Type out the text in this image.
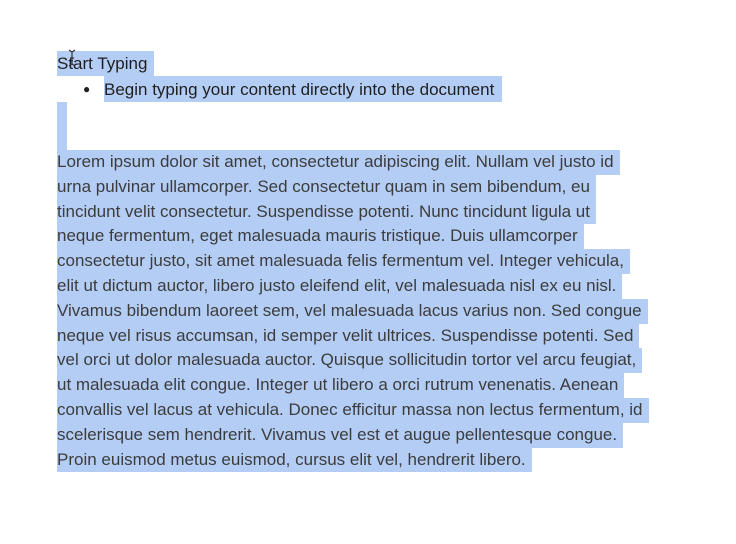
Start Typing
● Begin typing your content directly into the document
Lorem ipsum dolor sit amet, consectetur adipiscing elit. Nullam vel justo id
urna pulvinar ullamcorper. Sed consectetur quam in sem bibendum, eu
tincidunt velit consectetur. Suspendisse potenti. Nunc tincidunt ligula ut
neque fermentum, eget malesuada mauris tristique. Duis ullamcorper
consectetur justo, sit amet malesuada felis fermentum vel. Integer vehicula,
elit ut dictum auctor, libero justo eleifend elit, vel malesuada nisl ex eu nisl.
Vivamus bibendum laoreet sem, vel malesuada lacus varius non. Sed congue
neque vel risus accumsan, id semper velit ultrices. Suspendisse potenti. Sed
vel orci ut dolor malesuada auctor. Quisque sollicitudin tortor vel arcu feugiat,
ut malesuada elit congue. Integer ut libero a orci rutrum venenatis. Aenean
convallis vel lacus at vehicula. Donec efficitur massa non lectus fermentum, id
scelerisque sem hendrerit. Vivamus vel est et augue pellentesque congue.
Proin euismod metus euismod, cursus elit vel, hendrerit libero.
